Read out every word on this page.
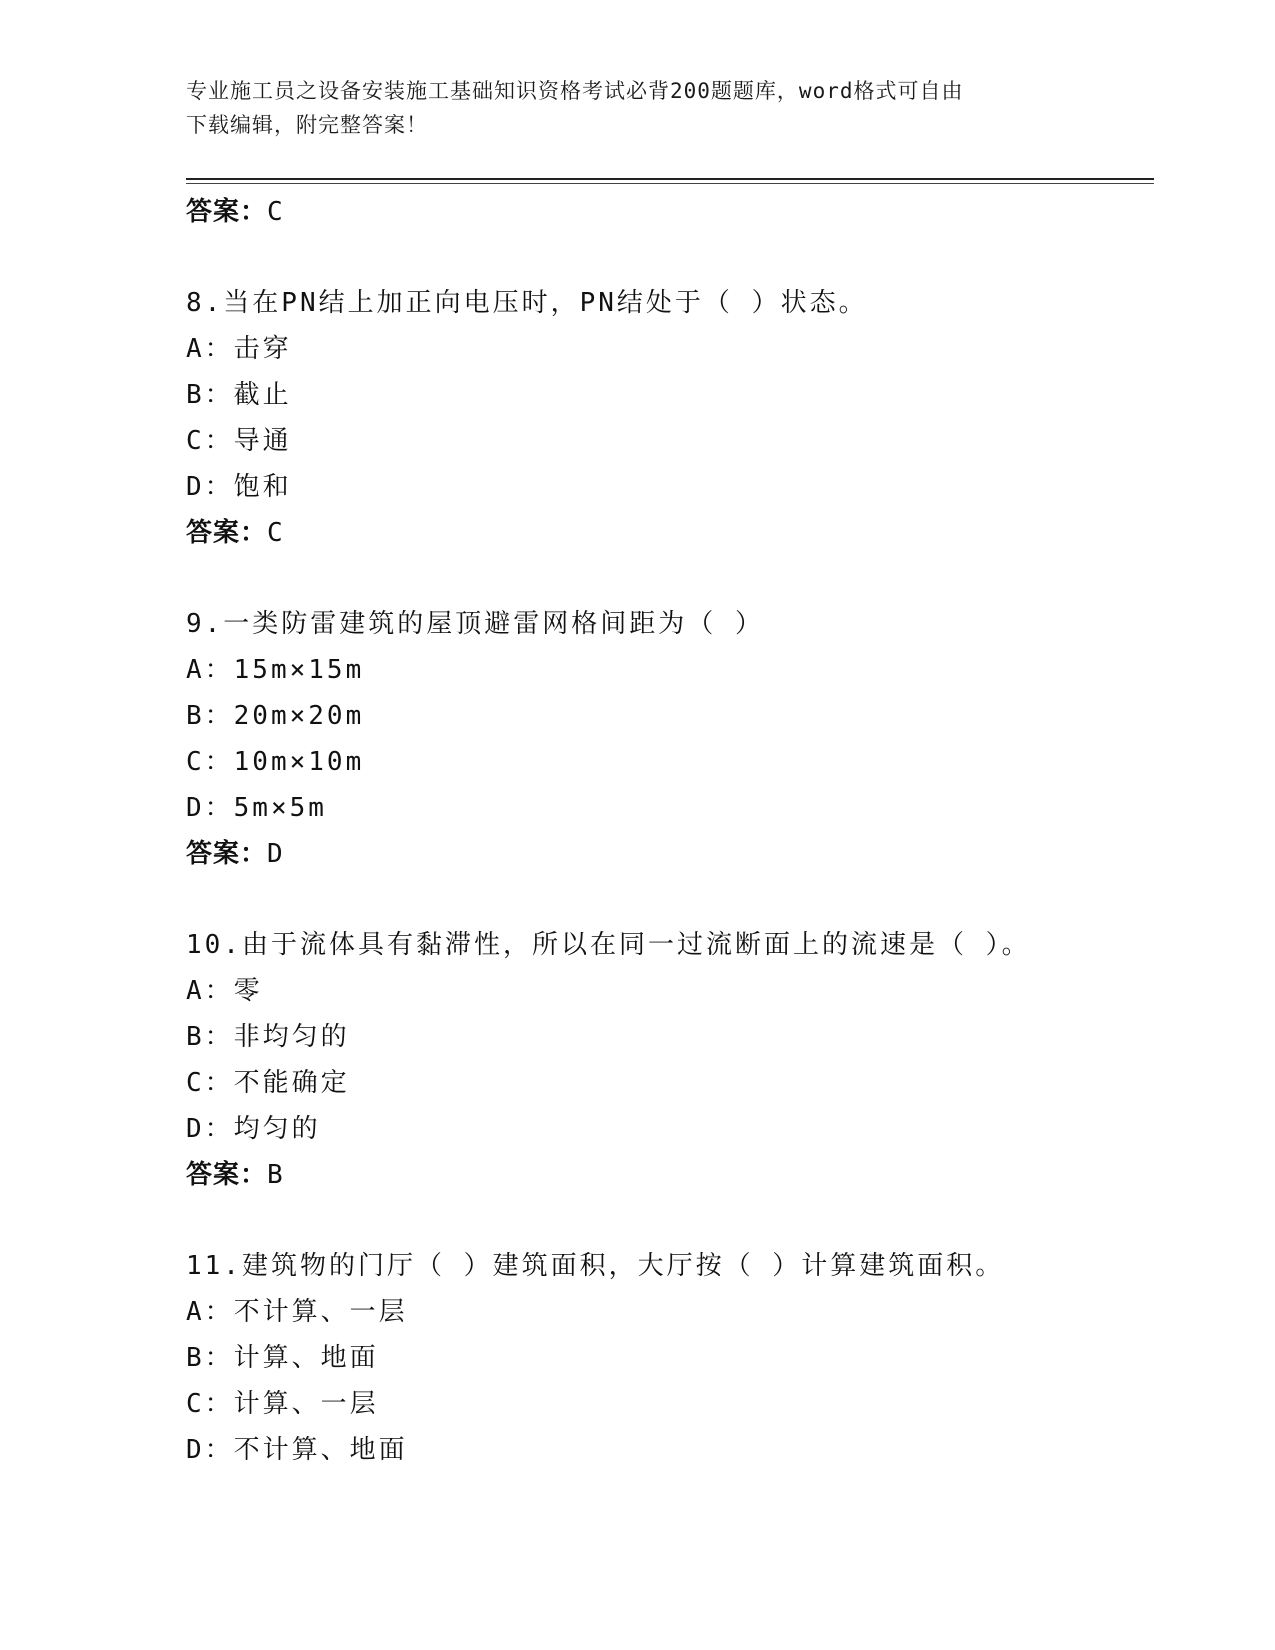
专业施工员之设备安装施工基础知识资格考试必背200题题库，word格式可自由
下载编辑，附完整答案！
答案：C
8.当在PN结上加正向电压时，PN结处于（ ）状态。
A：击穿
B：截止
C：导通
D：饱和
答案：C
9.一类防雷建筑的屋顶避雷网格间距为（ ）
A：15m×15m
B：20m×20m
C：10m×10m
D：5m×5m
答案：D
10.由于流体具有黏滞性，所以在同一过流断面上的流速是（ ）。
A：零
B：非均匀的
C：不能确定
D：均匀的
答案：B
11.建筑物的门厅（ ）建筑面积，大厅按（ ）计算建筑面积。
A：不计算、一层
B：计算、地面
C：计算、一层
D：不计算、地面
